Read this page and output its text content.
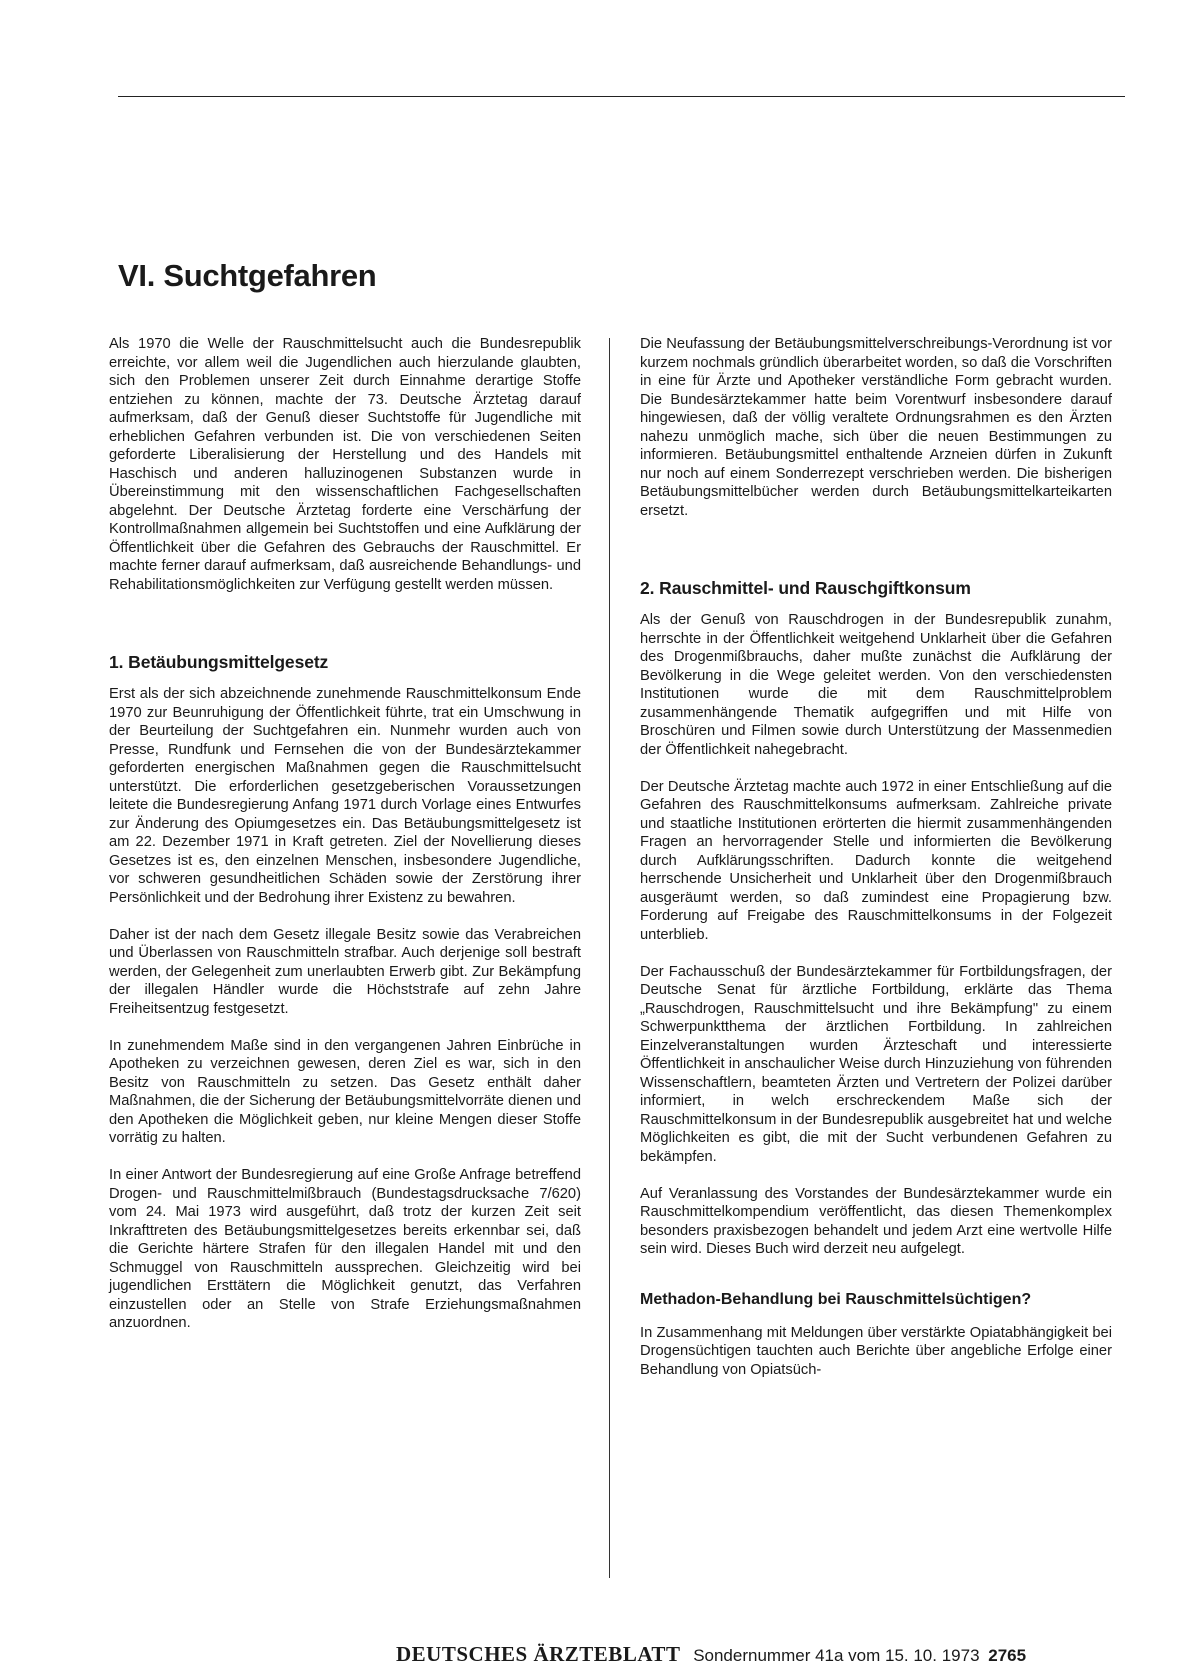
VI. Suchtgefahren

Als 1970 die Welle der Rauschmittelsucht auch die Bundesrepublik erreichte, vor allem weil die Jugendlichen auch hierzulande glaubten, sich den Problemen unserer Zeit durch Einnahme derartige Stoffe entziehen zu können, machte der 73. Deutsche Ärztetag darauf aufmerksam, daß der Genuß dieser Suchtstoffe für Jugendliche mit erheblichen Gefahren verbunden ist. Die von verschiedenen Seiten geforderte Liberalisierung der Herstellung und des Handels mit Haschisch und anderen halluzinogenen Substanzen wurde in Übereinstimmung mit den wissenschaftlichen Fachgesellschaften abgelehnt. Der Deutsche Ärztetag forderte eine Verschärfung der Kontrollmaßnahmen allgemein bei Suchtstoffen und eine Aufklärung der Öffentlichkeit über die Gefahren des Gebrauchs der Rauschmittel. Er machte ferner darauf aufmerksam, daß ausreichende Behandlungs- und Rehabilitationsmöglichkeiten zur Verfügung gestellt werden müssen.

1. Betäubungsmittelgesetz

Erst als der sich abzeichnende zunehmende Rauschmittelkonsum Ende 1970 zur Beunruhigung der Öffentlichkeit führte, trat ein Umschwung in der Beurteilung der Suchtgefahren ein. Nunmehr wurden auch von Presse, Rundfunk und Fernsehen die von der Bundesärztekammer geforderten energischen Maßnahmen gegen die Rauschmittelsucht unterstützt. Die erforderlichen gesetzgeberischen Voraussetzungen leitete die Bundesregierung Anfang 1971 durch Vorlage eines Entwurfes zur Änderung des Opiumgesetzes ein. Das Betäubungsmittelgesetz ist am 22. Dezember 1971 in Kraft getreten. Ziel der Novellierung dieses Gesetzes ist es, den einzelnen Menschen, insbesondere Jugendliche, vor schweren gesundheitlichen Schäden sowie der Zerstörung ihrer Persönlichkeit und der Bedrohung ihrer Existenz zu bewahren.

Daher ist der nach dem Gesetz illegale Besitz sowie das Verabreichen und Überlassen von Rauschmitteln strafbar. Auch derjenige soll bestraft werden, der Gelegenheit zum unerlaubten Erwerb gibt. Zur Bekämpfung der illegalen Händler wurde die Höchststrafe auf zehn Jahre Freiheitsentzug festgesetzt.

In zunehmendem Maße sind in den vergangenen Jahren Einbrüche in Apotheken zu verzeichnen gewesen, deren Ziel es war, sich in den Besitz von Rauschmitteln zu setzen. Das Gesetz enthält daher Maßnahmen, die der Sicherung der Betäubungsmittelvorräte dienen und den Apotheken die Möglichkeit geben, nur kleine Mengen dieser Stoffe vorrätig zu halten.

In einer Antwort der Bundesregierung auf eine Große Anfrage betreffend Drogen- und Rauschmittelmißbrauch (Bundestagsdrucksache 7/620) vom 24. Mai 1973 wird ausgeführt, daß trotz der kurzen Zeit seit Inkrafttreten des Betäubungsmittelgesetzes bereits erkennbar sei, daß die Gerichte härtere Strafen für den illegalen Handel mit und den Schmuggel von Rauschmitteln aussprechen. Gleichzeitig wird bei jugendlichen Ersttätern die Möglichkeit genutzt, das Verfahren einzustellen oder an Stelle von Strafe Erziehungsmaßnahmen anzuordnen.

Die Neufassung der Betäubungsmittelverschreibungs-Verordnung ist vor kurzem nochmals gründlich überarbeitet worden, so daß die Vorschriften in eine für Ärzte und Apotheker verständliche Form gebracht wurden. Die Bundesärztekammer hatte beim Vorentwurf insbesondere darauf hingewiesen, daß der völlig veraltete Ordnungsrahmen es den Ärzten nahezu unmöglich mache, sich über die neuen Bestimmungen zu informieren. Betäubungsmittel enthaltende Arzneien dürfen in Zukunft nur noch auf einem Sonderrezept verschrieben werden. Die bisherigen Betäubungsmittelbücher werden durch Betäubungsmittelkarteikarten ersetzt.

2. Rauschmittel- und Rauschgiftkonsum

Als der Genuß von Rauschdrogen in der Bundesrepublik zunahm, herrschte in der Öffentlichkeit weitgehend Unklarheit über die Gefahren des Drogenmißbrauchs, daher mußte zunächst die Aufklärung der Bevölkerung in die Wege geleitet werden. Von den verschiedensten Institutionen wurde die mit dem Rauschmittelproblem zusammenhängende Thematik aufgegriffen und mit Hilfe von Broschüren und Filmen sowie durch Unterstützung der Massenmedien der Öffentlichkeit nahegebracht.

Der Deutsche Ärztetag machte auch 1972 in einer Entschließung auf die Gefahren des Rauschmittelkonsums aufmerksam. Zahlreiche private und staatliche Institutionen erörterten die hiermit zusammenhängenden Fragen an hervorragender Stelle und informierten die Bevölkerung durch Aufklärungsschriften. Dadurch konnte die weitgehend herrschende Unsicherheit und Unklarheit über den Drogenmißbrauch ausgeräumt werden, so daß zumindest eine Propagierung bzw. Forderung auf Freigabe des Rauschmittelkonsums in der Folgezeit unterblieb.

Der Fachausschuß der Bundesärztekammer für Fortbildungsfragen, der Deutsche Senat für ärztliche Fortbildung, erklärte das Thema „Rauschdrogen, Rauschmittelsucht und ihre Bekämpfung" zu einem Schwerpunktthema der ärztlichen Fortbildung. In zahlreichen Einzelveranstaltungen wurden Ärzteschaft und interessierte Öffentlichkeit in anschaulicher Weise durch Hinzuziehung von führenden Wissenschaftlern, beamteten Ärzten und Vertretern der Polizei darüber informiert, in welch erschreckendem Maße sich der Rauschmittelkonsum in der Bundesrepublik ausgebreitet hat und welche Möglichkeiten es gibt, die mit der Sucht verbundenen Gefahren zu bekämpfen.

Auf Veranlassung des Vorstandes der Bundesärztekammer wurde ein Rauschmittelkompendium veröffentlicht, das diesen Themenkomplex besonders praxisbezogen behandelt und jedem Arzt eine wertvolle Hilfe sein wird. Dieses Buch wird derzeit neu aufgelegt.

Methadon-Behandlung bei Rauschmittelsüchtigen?

In Zusammenhang mit Meldungen über verstärkte Opiatabhängigkeit bei Drogensüchtigen tauchten auch Berichte über angebliche Erfolge einer Behandlung von Opiatsüch-

DEUTSCHES ÄRZTEBLATT Sondernummer 41a vom 15. 10. 1973 2765
